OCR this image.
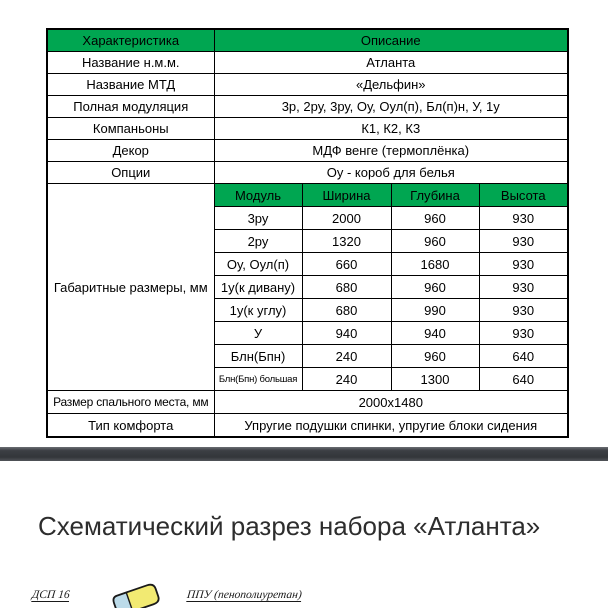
Характеристика	Описание			
Название н.м.м.	Атланта			
Название МТД	«Дельфин»			
Полная модуляция	3р, 2ру, 3ру, Оу, Оул(п), Бл(п)н, У, 1у			
Компаньоны	К1, К2, К3			
Декор	МДФ венге (термоплёнка)			
Опции	Оу - короб для белья			
Габаритные размеры, мм	Модуль	Ширина	Глубина	Высота
	3ру	2000	960	930
	2ру	1320	960	930
	Оу, Оул(п)	660	1680	930
	1у(к дивану)	680	960	930
	1у(к углу)	680	990	930
	У	940	940	930
	Блн(Бпн)	240	960	640
	Блн(Бпн) большая	240	1300	640
Размер спального места, мм	2000х1480			
Тип комфорта	Упругие подушки спинки, упругие блоки сидения			
Схематический разрез набора «Атланта»
ДСП 16	ППУ (пенополиуретан)
